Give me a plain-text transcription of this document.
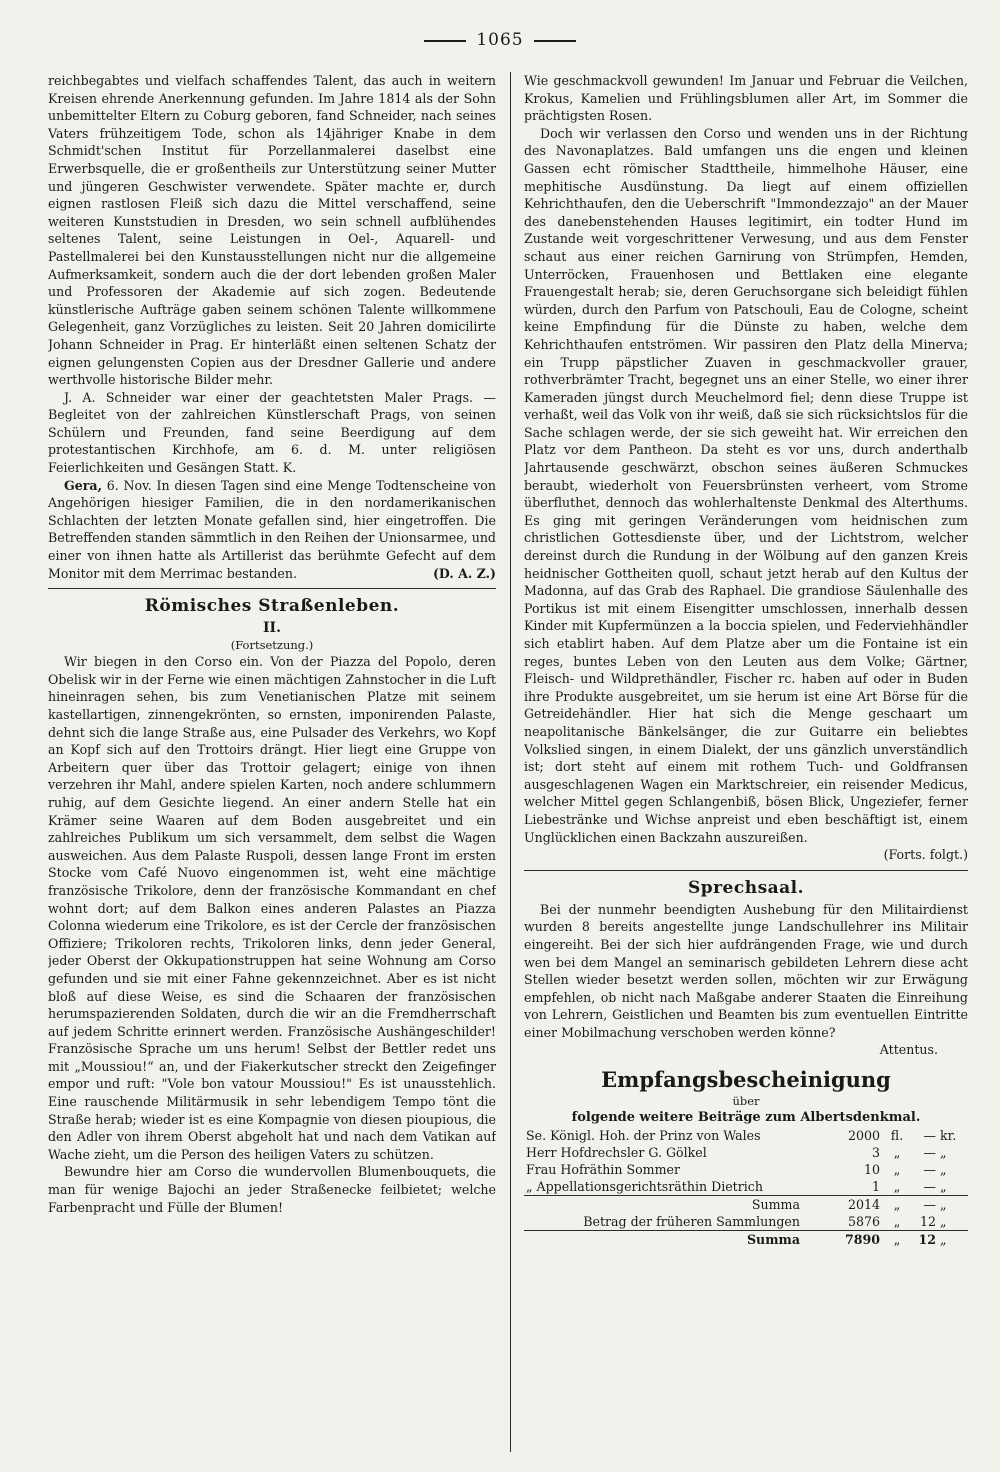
1065

reichbegabtes und vielfach schaffendes Talent, das auch in weitern Kreisen ehrende Anerkennung gefunden. Im Jahre 1814 als der Sohn unbemittelter Eltern zu Coburg geboren, fand Schneider, nach seines Vaters frühzeitigem Tode, schon als 14jähriger Knabe in dem Schmidt'schen Institut für Porzellanmalerei daselbst eine Erwerbsquelle, die er großentheils zur Unterstützung seiner Mutter und jüngeren Geschwister verwendete. Später machte er, durch eignen rastlosen Fleiß sich dazu die Mittel verschaffend, seine weiteren Kunststudien in Dresden, wo sein schnell aufblühendes seltenes Talent, seine Leistungen in Oel-, Aquarell- und Pastellmalerei bei den Kunstausstellungen nicht nur die allgemeine Aufmerksamkeit, sondern auch die der dort lebenden großen Maler und Professoren der Akademie auf sich zogen. Bedeutende künstlerische Aufträge gaben seinem schönen Talente willkommene Gelegenheit, ganz Vorzügliches zu leisten. Seit 20 Jahren domicilirte Johann Schneider in Prag. Er hinterläßt einen seltenen Schatz der eignen gelungensten Copien aus der Dresdner Gallerie und andere werthvolle historische Bilder mehr.

J. A. Schneider war einer der geachtetsten Maler Prags. — Begleitet von der zahlreichen Künstlerschaft Prags, von seinen Schülern und Freunden, fand seine Beerdigung auf dem protestantischen Kirchhofe, am 6. d. M. unter religiösen Feierlichkeiten und Gesängen Statt. K.

Gera, 6. Nov. In diesen Tagen sind eine Menge Todtenscheine von Angehörigen hiesiger Familien, die in den nordamerikanischen Schlachten der letzten Monate gefallen sind, hier eingetroffen. Die Betreffenden standen sämmtlich in den Reihen der Unionsarmee, und einer von ihnen hatte als Artillerist das berühmte Gefecht auf dem Monitor mit dem Merrimac bestanden.	(D. A. Z.)

Römisches Straßenleben.
II.
(Fortsetzung.)

Wir biegen in den Corso ein. Von der Piazza del Popolo, deren Obelisk wir in der Ferne wie einen mächtigen Zahnstocher in die Luft hineinragen sehen, bis zum Venetianischen Platze mit seinem kastellartigen, zinnengekrönten, so ernsten, imponirenden Palaste, dehnt sich die lange Straße aus, eine Pulsader des Verkehrs, wo Kopf an Kopf sich auf den Trottoirs drängt. Hier liegt eine Gruppe von Arbeitern quer über das Trottoir gelagert; einige von ihnen verzehren ihr Mahl, andere spielen Karten, noch andere schlummern ruhig, auf dem Gesichte liegend. An einer andern Stelle hat ein Krämer seine Waaren auf dem Boden ausgebreitet und ein zahlreiches Publikum um sich versammelt, dem selbst die Wagen ausweichen. Aus dem Palaste Ruspoli, dessen lange Front im ersten Stocke vom Café Nuovo eingenommen ist, weht eine mächtige französische Trikolore, denn der französische Kommandant en chef wohnt dort; auf dem Balkon eines anderen Palastes an Piazza Colonna wiederum eine Trikolore, es ist der Cercle der französischen Offiziere; Trikoloren rechts, Trikoloren links, denn jeder General, jeder Oberst der Okkupationstruppen hat seine Wohnung am Corso gefunden und sie mit einer Fahne gekennzeichnet. Aber es ist nicht bloß auf diese Weise, es sind die Schaaren der französischen herumspazierenden Soldaten, durch die wir an die Fremdherrschaft auf jedem Schritte erinnert werden. Französische Aushängeschilder! Französische Sprache um uns herum! Selbst der Bettler redet uns mit „Moussiou!“ an, und der Fiakerkutscher streckt den Zeigefinger empor und ruft: "Vole bon vatour Moussiou!" Es ist unausstehlich. Eine rauschende Militärmusik in sehr lebendigem Tempo tönt die Straße herab; wieder ist es eine Kompagnie von diesen pioupious, die den Adler von ihrem Oberst abgeholt hat und nach dem Vatikan auf Wache zieht, um die Person des heiligen Vaters zu schützen.

Bewundre hier am Corso die wundervollen Blumenbouquets, die man für wenige Bajochi an jeder Straßenecke feilbietet; welche Farbenpracht und Fülle der Blumen!

Wie geschmackvoll gewunden! Im Januar und Februar die Veilchen, Krokus, Kamelien und Frühlingsblumen aller Art, im Sommer die prächtigsten Rosen.

Doch wir verlassen den Corso und wenden uns in der Richtung des Navonaplatzes. Bald umfangen uns die engen und kleinen Gassen echt römischer Stadttheile, himmelhohe Häuser, eine mephitische Ausdünstung. Da liegt auf einem offiziellen Kehrichthaufen, den die Ueberschrift "Immondezzajo" an der Mauer des danebenstehenden Hauses legitimirt, ein todter Hund im Zustande weit vorgeschrittener Verwesung, und aus dem Fenster schaut aus einer reichen Garnirung von Strümpfen, Hemden, Unterröcken, Frauenhosen und Bettlaken eine elegante Frauengestalt herab; sie, deren Geruchsorgane sich beleidigt fühlen würden, durch den Parfum von Patschouli, Eau de Cologne, scheint keine Empfindung für die Dünste zu haben, welche dem Kehrichthaufen entströmen. Wir passiren den Platz della Minerva; ein Trupp päpstlicher Zuaven in geschmackvoller grauer, rothverbrämter Tracht, begegnet uns an einer Stelle, wo einer ihrer Kameraden jüngst durch Meuchelmord fiel; denn diese Truppe ist verhaßt, weil das Volk von ihr weiß, daß sie sich rücksichtslos für die Sache schlagen werde, der sie sich geweiht hat. Wir erreichen den Platz vor dem Pantheon. Da steht es vor uns, durch anderthalb Jahrtausende geschwärzt, obschon seines äußeren Schmuckes beraubt, wiederholt von Feuersbrünsten verheert, vom Strome überfluthet, dennoch das wohlerhaltenste Denkmal des Alterthums. Es ging mit geringen Veränderungen vom heidnischen zum christlichen Gottesdienste über, und der Lichtstrom, welcher dereinst durch die Rundung in der Wölbung auf den ganzen Kreis heidnischer Gottheiten quoll, schaut jetzt herab auf den Kultus der Madonna, auf das Grab des Raphael. Die grandiose Säulenhalle des Portikus ist mit einem Eisengitter umschlossen, innerhalb dessen Kinder mit Kupfermünzen a la boccia spielen, und Federviehhändler sich etablirt haben. Auf dem Platze aber um die Fontaine ist ein reges, buntes Leben von den Leuten aus dem Volke; Gärtner, Fleisch- und Wildprethändler, Fischer rc. haben auf oder in Buden ihre Produkte ausgebreitet, um sie herum ist eine Art Börse für die Getreidehändler. Hier hat sich die Menge geschaart um neapolitanische Bänkelsänger, die zur Guitarre ein beliebtes Volkslied singen, in einem Dialekt, der uns gänzlich unverständlich ist; dort steht auf einem mit rothem Tuch- und Goldfransen ausgeschlagenen Wagen ein Marktschreier, ein reisender Medicus, welcher Mittel gegen Schlangenbiß, bösen Blick, Ungeziefer, ferner Liebestränke und Wichse anpreist und eben beschäftigt ist, einem Unglücklichen einen Backzahn auszureißen.

(Forts. folgt.)
Sprechsaal.

Bei der nunmehr beendigten Aushebung für den Militairdienst wurden 8 bereits angestellte junge Landschullehrer ins Militair eingereiht. Bei der sich hier aufdrängenden Frage, wie und durch wen bei dem Mangel an seminarisch gebildeten Lehrern diese acht Stellen wieder besetzt werden sollen, möchten wir zur Erwägung empfehlen, ob nicht nach Maßgabe anderer Staaten die Einreihung von Lehrern, Geistlichen und Beamten bis zum eventuellen Eintritte einer Mobilmachung verschoben werden könne?

Attentus.
Empfangsbescheinigung
über
folgende weitere Beiträge zum Albertsdenkmal.
Se. Königl. Hoh. der Prinz von Wales	2000	fl.	—	kr.
Herr Hofdrechsler G. Gölkel	3	„	—	„
Frau Hofräthin Sommer	10	„	—	„
„ Appellationsgerichtsräthin Dietrich	1	„	—	„
Summa	2014	„	—	„
Betrag der früheren Sammlungen	5876	„	12	„
Summa	7890	„	12	„
